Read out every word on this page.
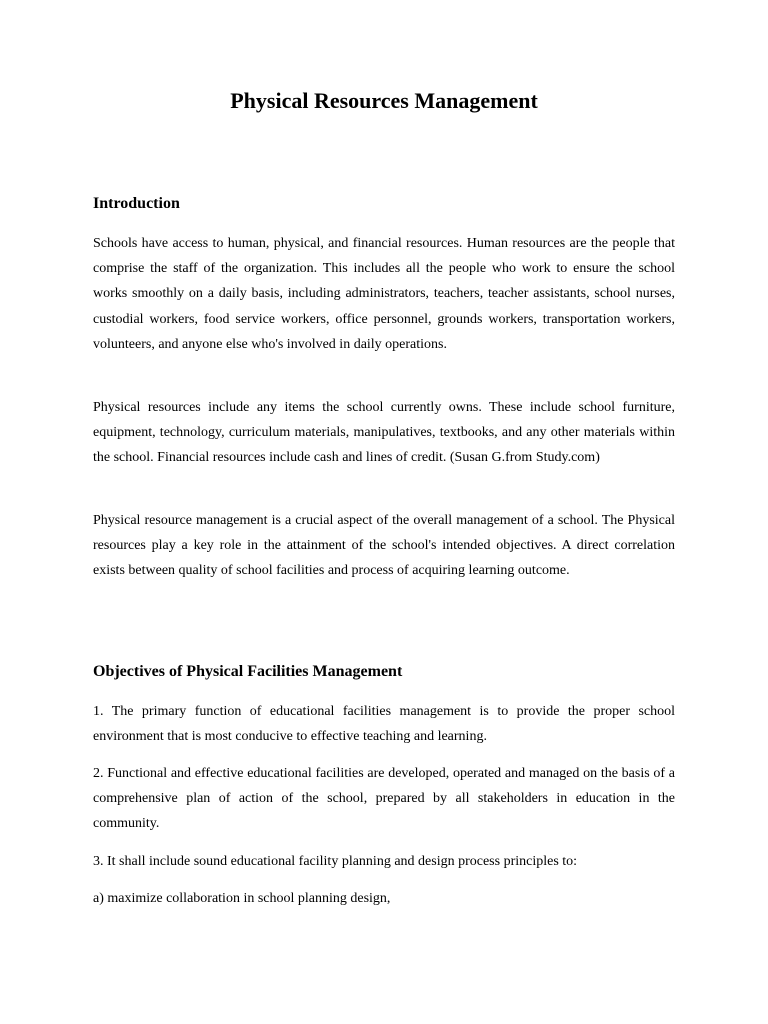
Physical Resources Management
Introduction

Schools have access to human, physical, and financial resources. Human resources are the people that comprise the staff of the organization. This includes all the people who work to ensure the school works smoothly on a daily basis, including administrators, teachers, teacher assistants, school nurses, custodial workers, food service workers, office personnel, grounds workers, transportation workers, volunteers, and anyone else who's involved in daily operations.

Physical resources include any items the school currently owns. These include school furniture, equipment, technology, curriculum materials, manipulatives, textbooks, and any other materials within the school. Financial resources include cash and lines of credit. (Susan G.from Study.com)

Physical resource management is a crucial aspect of the overall management of a school. The Physical resources play a key role in the attainment of the school's intended objectives. A direct correlation exists between quality of school facilities and process of acquiring learning outcome.

Objectives of Physical Facilities Management

1. The primary function of educational facilities management is to provide the proper school environment that is most conducive to effective teaching and learning.

2. Functional and effective educational facilities are developed, operated and managed on the basis of a comprehensive plan of action of the school, prepared by all stakeholders in education in the community.

3. It shall include sound educational facility planning and design process principles to:

a) maximize collaboration in school planning design,
